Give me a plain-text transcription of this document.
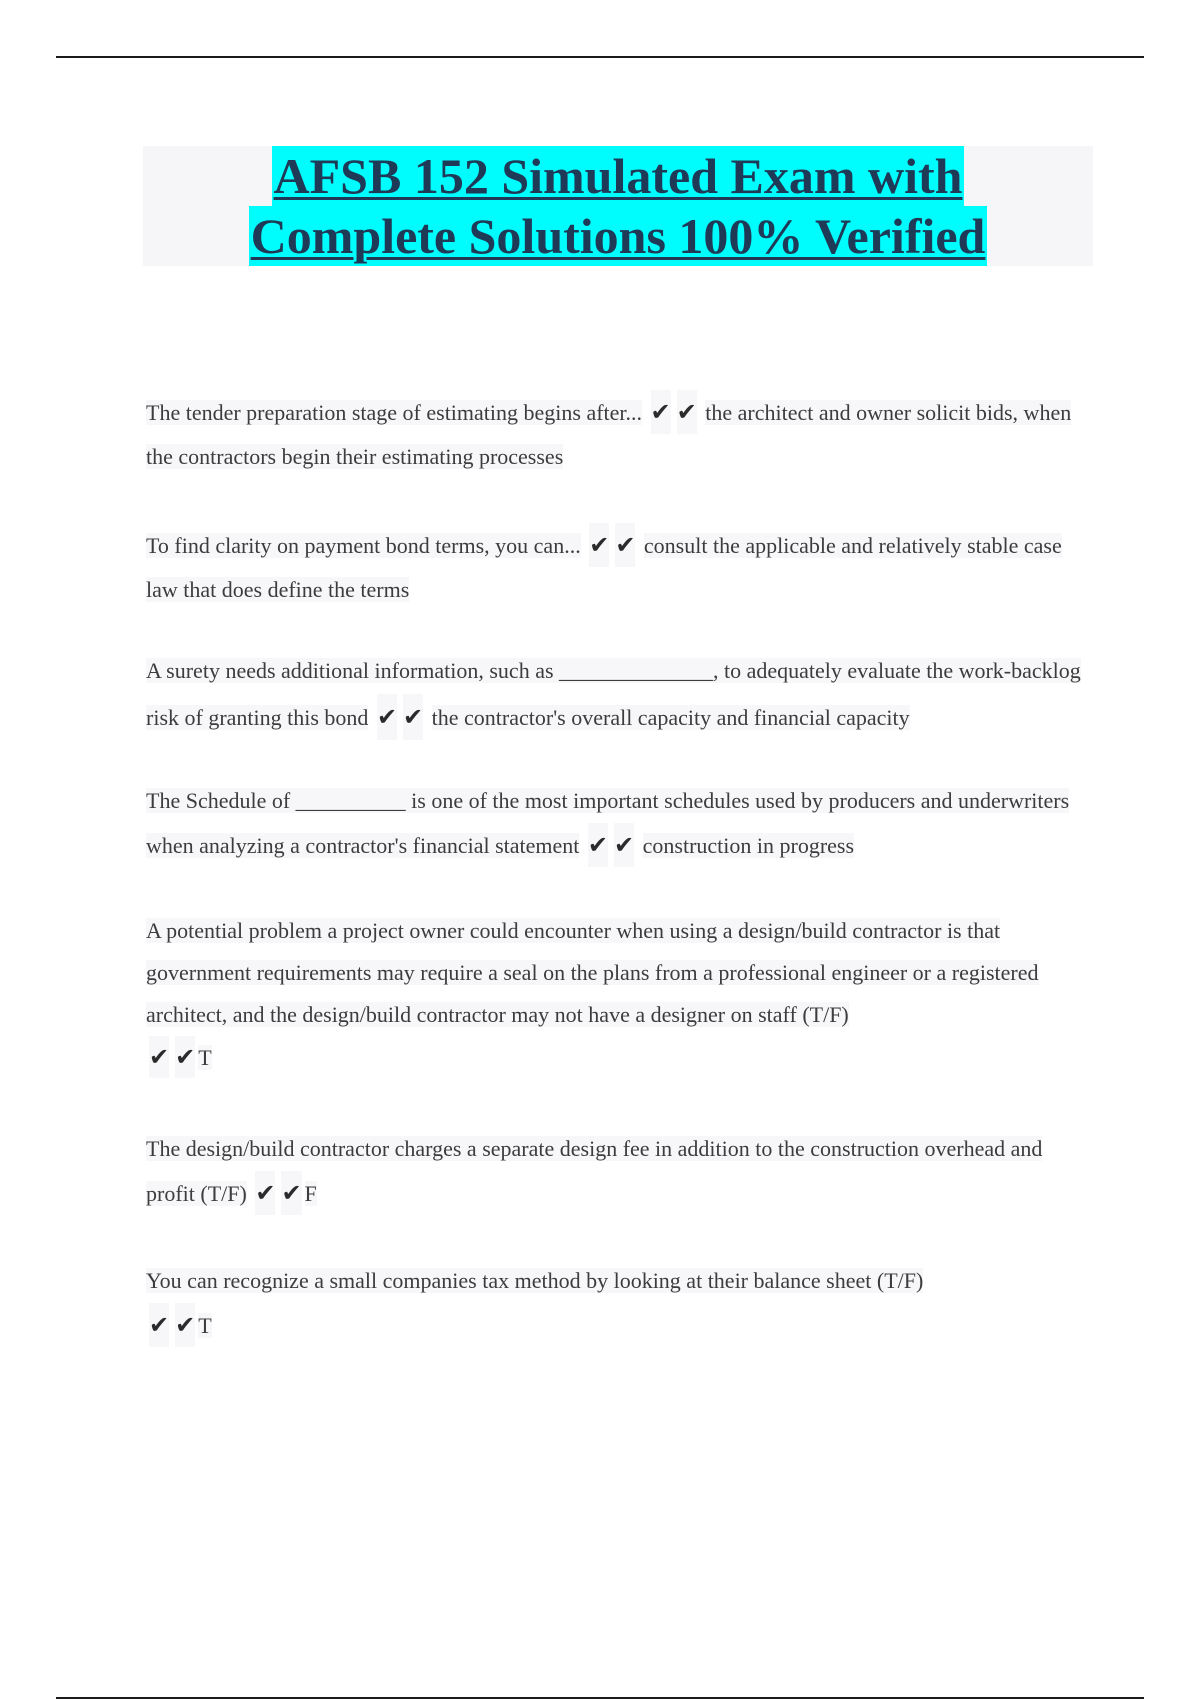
AFSB 152 Simulated Exam with
Complete Solutions 100% Verified

The tender preparation stage of estimating begins after... ✔ ✔ the architect and owner solicit bids, when the contractors begin their estimating processes

To find clarity on payment bond terms, you can... ✔ ✔ consult the applicable and relatively stable case law that does define the terms

A surety needs additional information, such as ______________, to adequately evaluate the work-backlog risk of granting this bond ✔ ✔ the contractor's overall capacity and financial capacity

The Schedule of __________ is one of the most important schedules used by producers and underwriters when analyzing a contractor's financial statement ✔ ✔ construction in progress

A potential problem a project owner could encounter when using a design/build contractor is that government requirements may require a seal on the plans from a professional engineer or a registered architect, and the design/build contractor may not have a designer on staff (T/F)
✔ ✔ T

The design/build contractor charges a separate design fee in addition to the construction overhead and profit (T/F) ✔ ✔ F

You can recognize a small companies tax method by looking at their balance sheet (T/F)
✔ ✔ T
